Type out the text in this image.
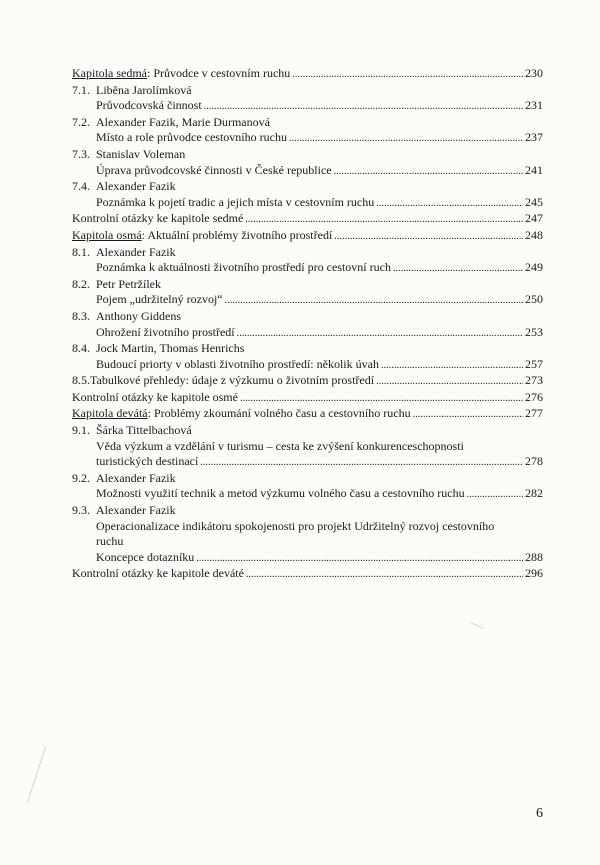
Kapitola sedmá : Průvodce v cestovním ruchu . . .	230
7.1. Liběna Jarolímková
Průvodcovská činnost . . .	231
7.2. Alexander Fazik, Marie Durmanová
Místo a role průvodce cestovního ruchu . . .	237
7.3. Stanislav Voleman
Úprava průvodcovské činnosti v České republice . . .	241
7.4. Alexander Fazik
Poznámka k pojetí tradic a jejich místa v cestovním ruchu . . .	245
Kontrolní otázky ke kapitole sedmé . . .	247
Kapitola osmá : Aktuální problémy životního prostředí . . .	248
8.1. Alexander Fazik
Poznámka k aktuálnosti životního prostředí pro cestovní ruch . . .	249
8.2. Petr Petržílek
Pojem „udržitelný rozvoj“ . . .	250
8.3. Anthony Giddens
Ohrožení životního prostředí . . .	253
8.4. Jock Martin, Thomas Henrichs
Budoucí priorty v oblasti životního prostředí: několik úvah . . .	257
8.5. Tabulkové přehledy: údaje z výzkumu o životním prostředí . . .	273
Kontrolní otázky ke kapitole osmé . . .	276
Kapitola devátá : Problémy zkoumání volného času a cestovního ruchu . . .	277
9.1. Šárka Tittelbachová
Věda výzkum a vzdělání v turismu – cesta ke zvýšení konkurenceschopnosti
turistických destinací . . .	278
9.2. Alexander Fazik
Možnosti využití technik a metod výzkumu volného času a cestovního ruchu . . .	282
9.3. Alexander Fazik
Operacionalizace indikátoru spokojenosti pro projekt Udržitelný rozvoj cestovního
ruchu
Koncepce dotazníku . . .	288
Kontrolní otázky ke kapitole deváté . . .	296
6
